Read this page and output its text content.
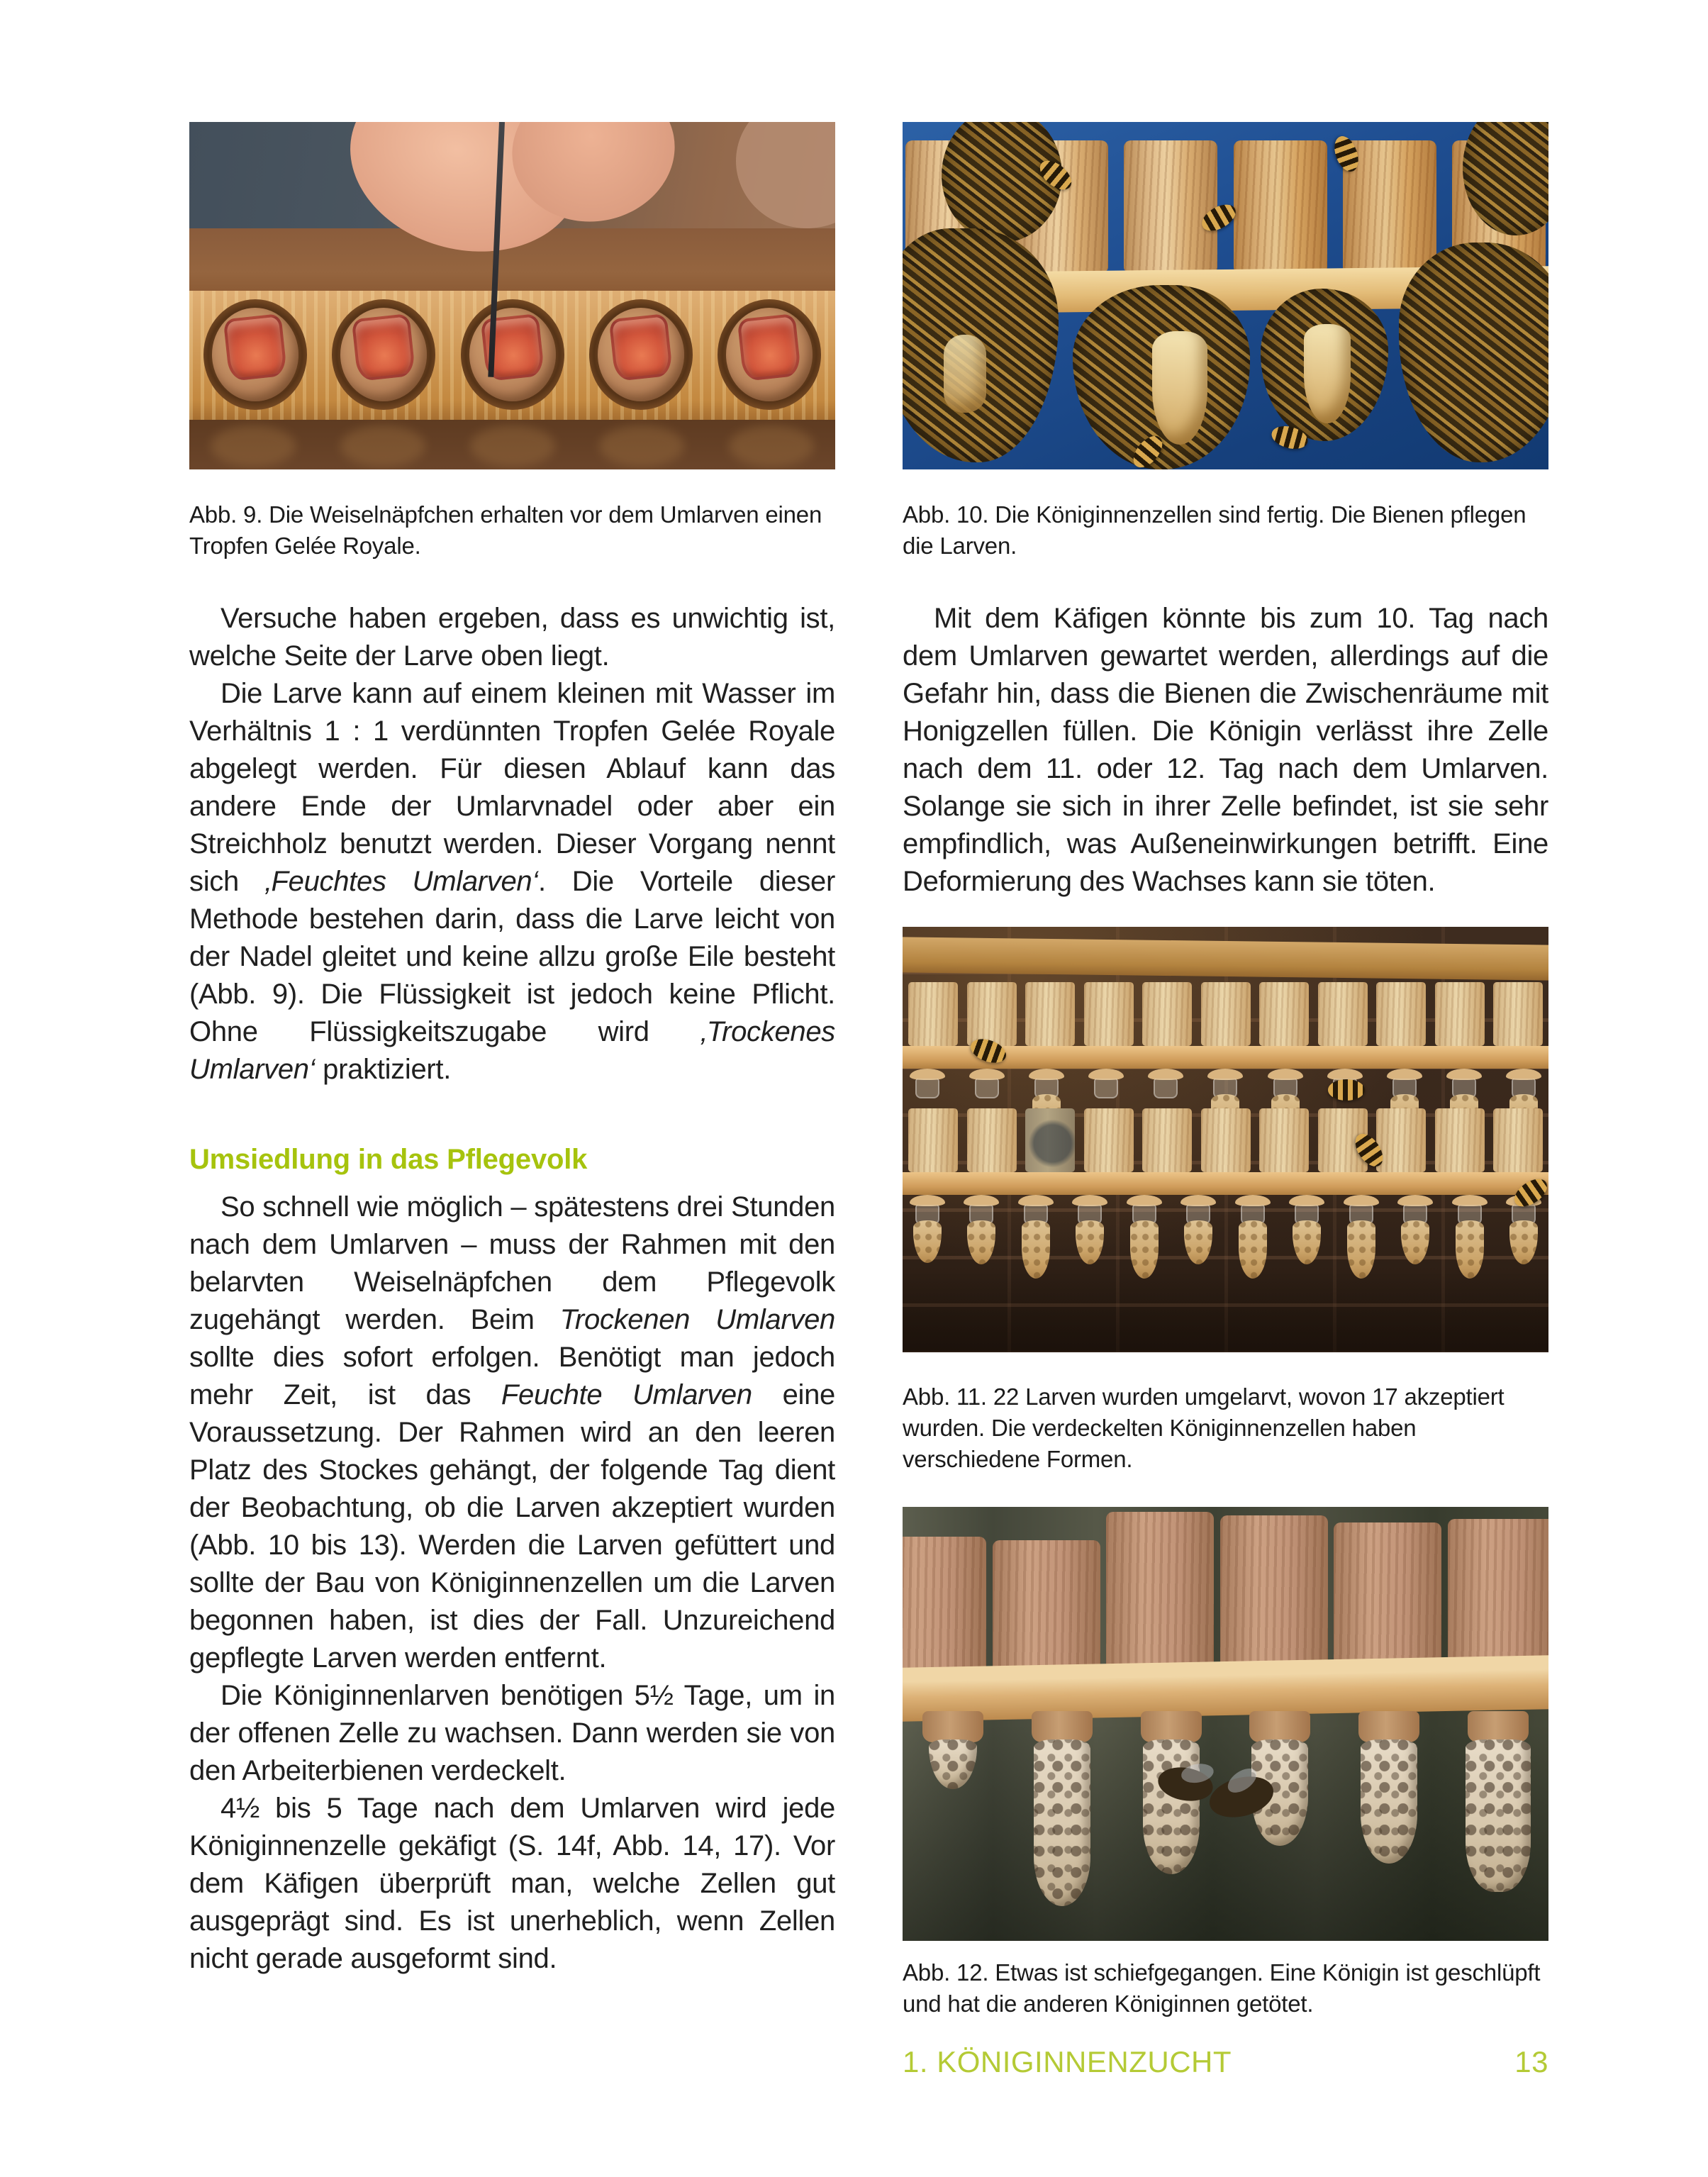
Abb. 9. Die Weiselnäpfchen erhalten vor dem Umlarven einen Tropfen Gelée Royale.
Abb. 10. Die Königinnenzellen sind fertig. Die Bienen pflegen die Larven.

Versuche haben ergeben, dass es unwichtig ist, welche Seite der Larve oben liegt.

Die Larve kann auf einem kleinen mit Wasser im Verhältnis 1 : 1 verdünnten Tropfen Gelée Royale abgelegt werden. Für diesen Ablauf kann das andere Ende der Umlarvnadel oder aber ein Streichholz benutzt werden. Dieser Vorgang nennt sich ‚Feuchtes Umlarven‘. Die Vorteile dieser Methode bestehen darin, dass die Larve leicht von der Nadel gleitet und keine allzu große Eile besteht (Abb. 9). Die Flüssigkeit ist jedoch keine Pflicht. Ohne Flüssigkeitszugabe wird ‚Trockenes Umlarven‘ praktiziert.

Umsiedlung in das Pflegevolk

So schnell wie möglich – spätestens drei Stunden nach dem Umlarven – muss der Rahmen mit den belarvten Weiselnäpfchen dem Pflegevolk zugehängt werden. Beim Trockenen Umlarven sollte dies sofort erfolgen. Benötigt man jedoch mehr Zeit, ist das Feuchte Umlarven eine Voraussetzung. Der Rahmen wird an den leeren Platz des Stockes gehängt, der folgende Tag dient der Beobachtung, ob die Larven akzeptiert wurden (Abb. 10 bis 13). Werden die Larven gefüttert und sollte der Bau von Königinnenzellen um die Larven begonnen haben, ist dies der Fall. Unzureichend gepflegte Larven werden entfernt.

Die Königinnenlarven benötigen 5½ Tage, um in der offenen Zelle zu wachsen. Dann werden sie von den Arbeiterbienen verdeckelt.

4½ bis 5 Tage nach dem Umlarven wird jede Königinnenzelle gekäfigt (S. 14f, Abb. 14, 17). Vor dem Käfigen überprüft man, welche Zellen gut ausgeprägt sind. Es ist unerheblich, wenn Zellen nicht gerade ausgeformt sind.

Mit dem Käfigen könnte bis zum 10. Tag nach dem Umlarven gewartet werden, allerdings auf die Gefahr hin, dass die Bienen die Zwischenräume mit Honigzellen füllen. Die Königin verlässt ihre Zelle nach dem 11. oder 12. Tag nach dem Umlarven. Solange sie sich in ihrer Zelle befindet, ist sie sehr empfindlich, was Außeneinwirkungen betrifft. Eine Deformierung des Wachses kann sie töten.

Abb. 11. 22 Larven wurden umgelarvt, wovon 17 akzeptiert wurden. Die verdeckelten Königinnenzellen haben verschiedene Formen.
Abb. 12. Etwas ist schiefgegangen. Eine Königin ist geschlüpft und hat die anderen Königinnen getötet.
1. KÖNIGINNENZUCHT	13
